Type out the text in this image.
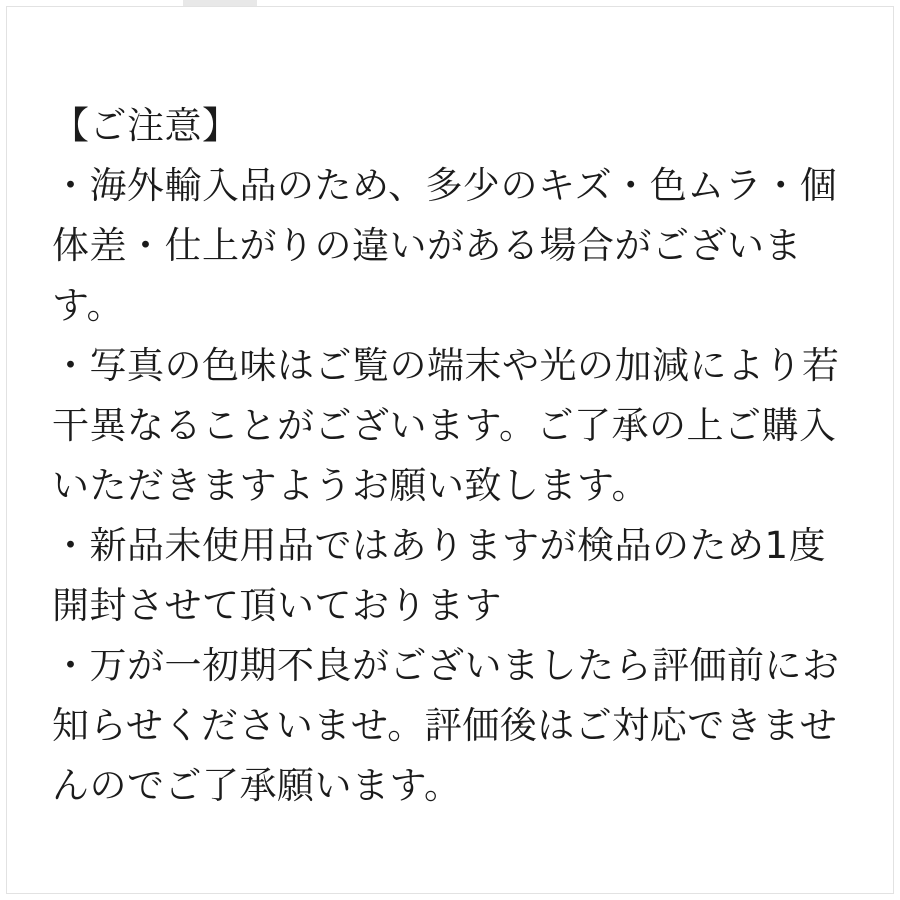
【ご注意】

・海外輸入品のため、多少のキズ・色ムラ・個体差・仕上がりの違いがある場合がございます。

・写真の色味はご覧の端末や光の加減により若干異なることがございます。ご了承の上ご購入いただきますようお願い致します。

・新品未使用品ではありますが検品のため1度開封させて頂いております

・万が一初期不良がございましたら評価前にお知らせくださいませ。評価後はご対応できませんのでご了承願います。
